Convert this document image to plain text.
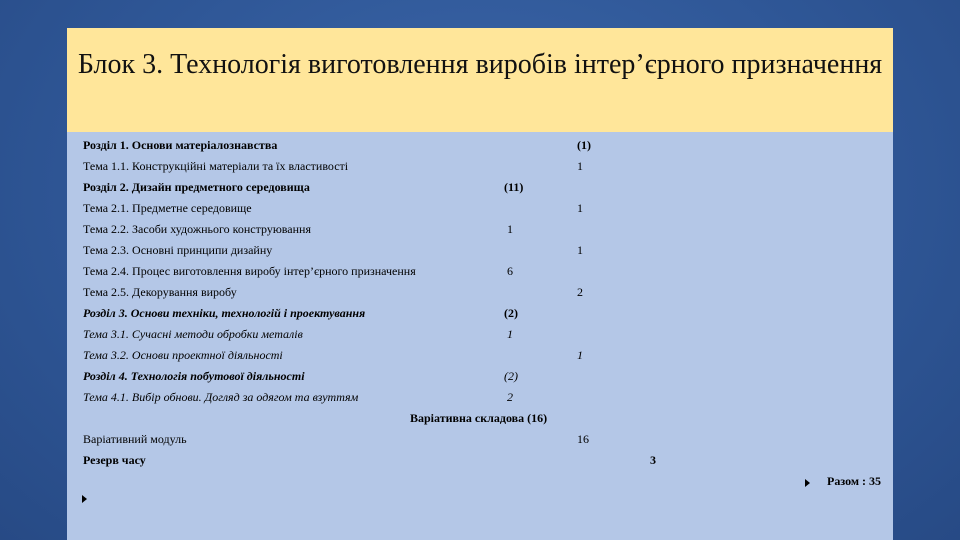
Блок 3. Технологія виготовлення виробів інтер’єрного призначення
Розділ 1. Основи матеріалознавства	(1)
Тема 1.1. Конструкційні матеріали та їх властивості	1
Розділ 2. Дизайн предметного середовища	(11)
Тема 2.1. Предметне середовище	1
Тема 2.2. Засоби художнього конструювання	1
Тема 2.3. Основні принципи дизайну	1
Тема 2.4. Процес виготовлення виробу інтер’єрного призначення	6
Тема 2.5. Декорування виробу	2
Розділ 3. Основи техніки, технологій і проектування	(2)
Тема 3.1. Сучасні методи обробки металів	1
Тема 3.2. Основи проектної діяльності	1
Розділ 4. Технологія побутової діяльності	(2)
Тема 4.1. Вибір обнови. Догляд за одягом та взуттям	2
Варіативна складова (16)
Варіативний модуль	16
Резерв часу	3
Разом : 35
